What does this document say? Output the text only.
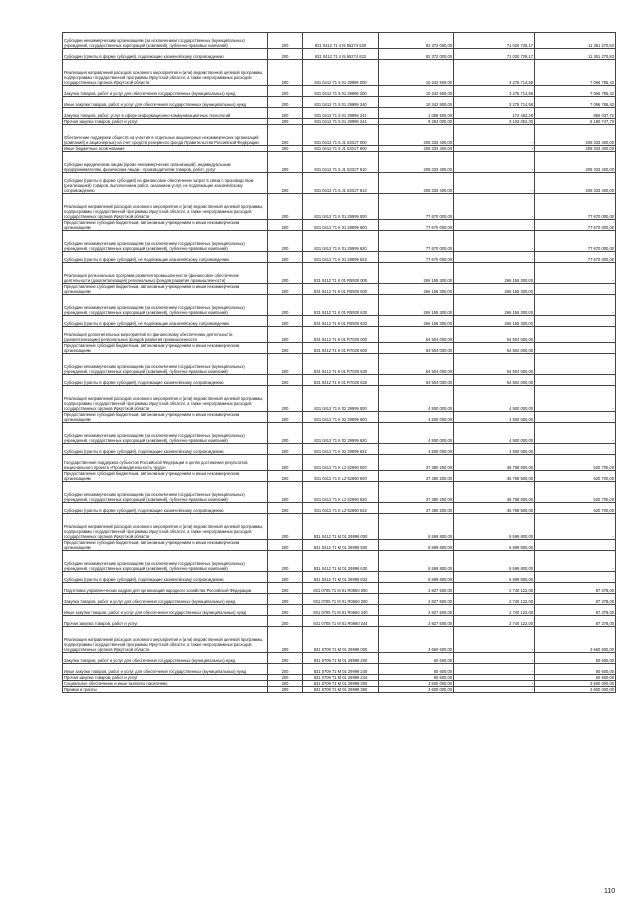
Субсидии некоммерческим организациям (за исключением государственных (муниципальных) учреждений, государственных корпораций (компаний), публично-правовых компаний)	200	831 0412 71 4 I5 55274 630	82 372 000,00	71 020 729,17	11 351 270,83
Субсидии (гранты в форме субсидий), подлежащие казначейскому сопровождению	200	831 0412 71 4 I5 55274 632	82 372 000,00	71 020 729,17	11 351 270,83
Реализация направлений расходов основного мероприятия и (или) ведомственной целевой программы, подпрограммы государственной программы Иркутской области, а также непрограммных расходов государственных органов Иркутской области	200	831 0412 71 5 01 29999 000	10 342 500,00	3 275 714,58	7 066 785,42
Закупка товаров, работ и услуг для обеспечения государственных (муниципальных) нужд	200	831 0412 71 5 01 29999 200	10 342 500,00	3 275 714,58	7 066 785,42
Иные закупки товаров, работ и услуг для обеспечения государственных (муниципальных) нужд	200	831 0412 71 5 01 29999 240	10 342 500,00	3 275 714,58	7 066 785,42
Закупка товаров, работ, услуг в сфере информационно-коммуникационных технологий	200	831 0412 71 5 01 29999 242	1 058 500,00	172 462,28	886 037,72
Прочая закупка товаров, работ и услуг	200	831 0412 71 5 01 29999 244	9 284 000,00	3 103 252,30	6 180 747,70
Обеспечение поддержки обществ на участия в отдельных акционерных некоммерческих организаций (компаний) и акционерных) на счет средств резервного фонда Правительства Российской Федерации	200	831 0412 71 5 J1 5331Т 000	208 333 400,00	-	208 333 400,00
Иные бюджетные ассигнования	200	831 0412 71 5 J1 5331Т 800	208 333 400,00	-	208 333 400,00
Субсидии юридическим лицам (кроме некоммерческих организаций), индивидуальным предпринимателям, физическим лицам - производителям товаров, работ, услуг	200	831 0412 71 5 J1 5331Т 810	208 333 400,00	-	208 333 400,00
Субсидии (гранты в форме субсидий) на финансовое обеспечение затрат в связи с производством (реализацией) товаров, выполнением работ, оказанием услуг, не подлежащие казначейскому сопровождению	200	831 0412 71 5 J1 5331Т 813	208 333 400,00	-	208 333 400,00
Реализация направлений расходов основного мероприятия и (или) ведомственной целевой программы, подпрограммы государственной программы Иркутской области, а также непрограммных расходов государственных органов Иркутской области	200	831 0412 71 К 01 29999 000	77 670 000,00	-	77 670 000,00
Предоставление субсидий бюджетным, автономным учреждениям и иным некоммерческим организациям	200	831 0412 71 К 01 29999 600	77 670 000,00	-	77 670 000,00
Субсидии некоммерческим организациям (за исключением государственных (муниципальных) учреждений, государственных корпораций (компаний), публично-правовых компаний)	200	831 0412 71 К 01 29999 630	77 670 000,00	-	77 670 000,00
Субсидии (гранты в форме субсидий), не подлежащие казначейскому сопровождению	200	831 0412 71 К 01 29999 633	77 670 000,00	-	77 670 000,00
Реализация региональных программ развития промышленности (финансовое обеспечение деятельности (докапитализация) региональных фондов развития промышленности)	200	831 0412 71 К 01 R5930 000	266 155 300,00	266 155 300,00	-
Предоставление субсидий бюджетным, автономным учреждениям и иным некоммерческим организациям	200	831 0412 71 К 01 R5930 600	266 155 300,00	266 155 300,00	-
Субсидии некоммерческим организациям (за исключением государственных (муниципальных) учреждений, государственных корпораций (компаний), публично-правовых компаний)	200	831 0412 71 К 01 R5930 630	266 155 300,00	266 155 300,00	-
Субсидии (гранты в форме субсидий), не подлежащие казначейскому сопровождению	200	831 0412 71 К 01 R5930 633	266 155 300,00	266 155 300,00	-
Реализация дополнительных мероприятий по финансовому обеспечению деятельности (докапитализации) региональных фондов развития промышленности	200	831 0412 71 К 01 R7030 000	64 504 000,00	64 504 000,00	-
Предоставление субсидий бюджетным, автономным учреждениям и иным некоммерческим организациям	200	831 0412 71 К 01 R7030 600	64 504 000,00	64 504 000,00	-
Субсидии некоммерческим организациям (за исключением государственных (муниципальных) учреждений, государственных корпораций (компаний), публично-правовых компаний)	200	831 0412 71 К 01 R7030 630	64 504 000,00	64 504 000,00	-
Субсидии (гранты в форме субсидий), подлежащие казначейскому сопровождению	200	831 0412 71 К 01 R7030 632	64 504 000,00	64 504 000,00	-
Реализация направлений расходов основного мероприятия и (или) ведомственной целевой программы, подпрограммы государственной программы Иркутской области, а также непрограммных расходов государственных органов Иркутской области	200	831 0412 71 К 02 29999 000	4 500 000,00	4 500 000,00	-
Предоставление субсидий бюджетным, автономным учреждениям и иным некоммерческим организациям	200	831 0412 71 К 02 29999 600	4 500 000,00	4 500 000,00	-
Субсидии некоммерческим организациям (за исключением государственных (муниципальных) учреждений, государственных корпораций (компаний), публично-правовых компаний)	200	831 0412 71 К 02 29999 630	4 500 000,00	4 500 000,00	-
Субсидии (гранты в форме субсидий), подлежащие казначейскому сопровождению	200	831 0412 71 К 02 29999 632	4 500 000,00	4 500 000,00	-
Государственная поддержка субъектов Российской Федерации в целях достижения результатов национального проекта «Производительность труда»	200	831 0412 71 К L2 52890 000	37 380 200,00	36 758 500,00	620 700,00
Предоставление субсидий бюджетным, автономным учреждениям и иным некоммерческим организациям	200	831 0412 71 К L2 52890 600	37 380 200,00	36 758 500,00	620 700,00
Субсидии некоммерческим организациям (за исключением государственных (муниципальных) учреждений, государственных корпораций (компаний), публично-правовых компаний)	200	831 0412 71 К L2 52890 630	37 380 200,00	36 758 500,00	620 700,00
Субсидии (гранты в форме субсидий), подлежащие казначейскому сопровождению	200	831 0412 71 К L2 52890 632	37 380 200,00	36 758 500,00	620 700,00
Реализация направлений расходов основного мероприятия и (или) ведомственной целевой программы, подпрограммы государственной программы Иркутской области, а также непрограммных расходов государственных органов Иркутской области	200	831 0412 71 М 01 29999 000	6 599 800,00	6 599 800,00	-
Предоставление субсидий бюджетным, автономным учреждениям и иным некоммерческим организациям	200	831 0412 71 М 01 29999 600	6 599 800,00	6 599 800,00	-
Субсидии некоммерческим организациям (за исключением государственных (муниципальных) учреждений, государственных корпораций (компаний), публично-правовых компаний)	200	831 0412 71 М 01 29999 630	6 599 800,00	6 599 800,00	-
Субсидии (гранты в форме субсидий), подлежащие казначейскому сопровождению	200	831 0412 71 М 01 29999 632	6 599 800,00	6 599 800,00	-
Подготовка управленческих кадров для организаций народного хозяйства Российской Федерации	200	831 0705 71 М 01 R0660 000	2 827 500,00	2 740 122,00	87 378,00
Закупка товаров, работ и услуг для обеспечения государственных (муниципальных) нужд	200	831 0705 71 М 01 R0660 200	2 827 500,00	2 740 122,00	87 378,00
Иные закупки товаров, работ и услуг для обеспечения государственных (муниципальных) нужд	200	831 0705 71 М 01 R0660 240	2 827 500,00	2 740 122,00	87 378,00
Прочая закупка товаров, работ и услуг	200	831 0705 71 М 01 R0660 244	2 827 500,00	2 740 122,00	87 378,00
Реализация направлений расходов основного мероприятия и (или) ведомственной целевой программы, подпрограммы государственной программы Иркутской области, а также непрограммных расходов государственных органов Иркутской области	200	831 0709 71 М 01 29999 000	3 660 600,00	-	3 660 600,00
Закупка товаров, работ и услуг для обеспечения государственных (муниципальных) нужд	200	831 0709 71 М 01 29999 200	60 600,00	-	60 600,00
Иные закупки товаров, работ и услуг для обеспечения государственных (муниципальных) нужд	200	831 0709 71 М 01 29999 240	60 600,00	-	60 600,00
Прочая закупка товаров, работ и услуг	200	831 0709 71 М 01 29999 244	60 600,00	-	60 600,00
Социальное обеспечение и иные выплаты населению	200	831 0709 71 М 01 29999 300	3 600 000,00	-	3 600 000,00
Премии и гранты	200	831 0709 71 М 01 29999 350	3 600 000,00	-	3 600 000,00
110
